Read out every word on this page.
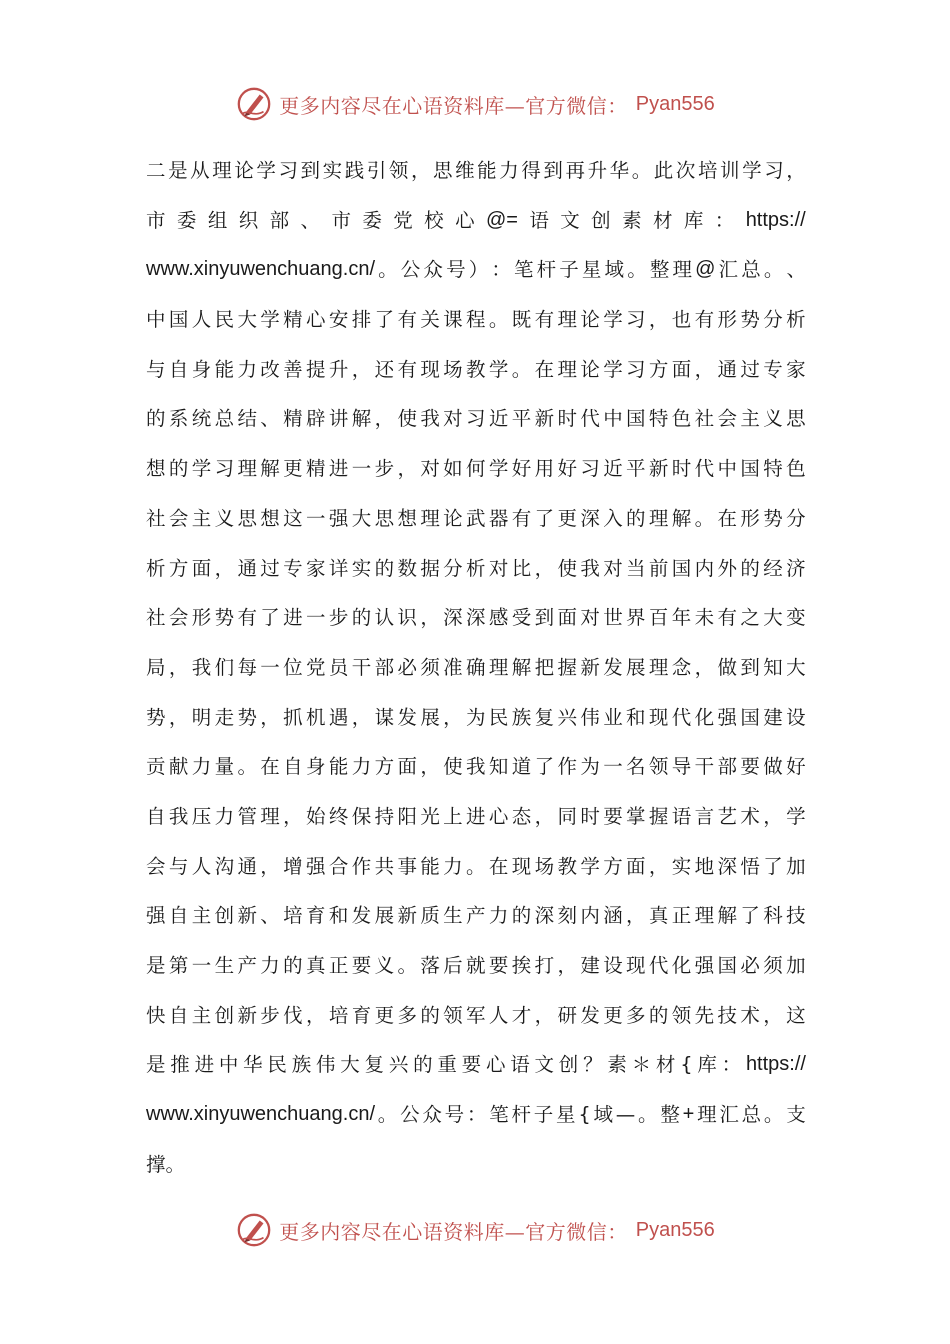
更多内容尽在心语资料库—官方微信： Pyan556
二 是 从 理 论 学 习 到 实 践 引 领 ， 思 维 能 力 得 到 再 升 华 。 此 次 培 训 学 习 ，
市 委 组 织 部 、 市 委 党 校 心 @= 语 文 创 素 材 库 ： https://
www.xinyuwenchuang.cn/ 。 公 众 号 ） ： 笔 杆 子 星 域 。 整 理 @ 汇 总 。 、
中 国 人 民 大 学 精 心 安 排 了 有 关 课 程 。 既 有 理 论 学 习 ， 也 有 形 势 分 析
与 自 身 能 力 改 善 提 升 ， 还 有 现 场 教 学 。 在 理 论 学 习 方 面 ， 通 过 专 家
的 系 统 总 结 、 精 辟 讲 解 ， 使 我 对 习 近 平 新 时 代 中 国 特 色 社 会 主 义 思
想 的 学 习 理 解 更 精 进 一 步 ， 对 如 何 学 好 用 好 习 近 平 新 时 代 中 国 特 色
社 会 主 义 思 想 这 一 强 大 思 想 理 论 武 器 有 了 更 深 入 的 理 解 。 在 形 势 分
析 方 面 ， 通 过 专 家 详 实 的 数 据 分 析 对 比 ， 使 我 对 当 前 国 内 外 的 经 济
社 会 形 势 有 了 进 一 步 的 认 识 ， 深 深 感 受 到 面 对 世 界 百 年 未 有 之 大 变
局 ， 我 们 每 一 位 党 员 干 部 必 须 准 确 理 解 把 握 新 发 展 理 念 ， 做 到 知 大
势 ， 明 走 势 ， 抓 机 遇 ， 谋 发 展 ， 为 民 族 复 兴 伟 业 和 现 代 化 强 国 建 设
贡 献 力 量 。 在 自 身 能 力 方 面 ， 使 我 知 道 了 作 为 一 名 领 导 干 部 要 做 好
自 我 压 力 管 理 ， 始 终 保 持 阳 光 上 进 心 态 ， 同 时 要 掌 握 语 言 艺 术 ， 学
会 与 人 沟 通 ， 增 强 合 作 共 事 能 力 。 在 现 场 教 学 方 面 ， 实 地 深 悟 了 加
强 自 主 创 新 、 培 育 和 发 展 新 质 生 产 力 的 深 刻 内 涵 ， 真 正 理 解 了 科 技
是 第 一 生 产 力 的 真 正 要 义 。 落 后 就 要 挨 打 ， 建 设 现 代 化 强 国 必 须 加
快 自 主 创 新 步 伐 ， 培 育 更 多 的 领 军 人 才 ， 研 发 更 多 的 领 先 技 术 ， 这
是 推 进 中 华 民 族 伟 大 复 兴 的 重 要 心 语 文 创 ？ 素 ＊ 材 { 库 ： https://
www.xinyuwenchuang.cn/ 。 公 众 号 ： 笔 杆 子 星 { 域 — 。 整 + 理 汇 总 。 支
撑 。
更多内容尽在心语资料库—官方微信： Pyan556
